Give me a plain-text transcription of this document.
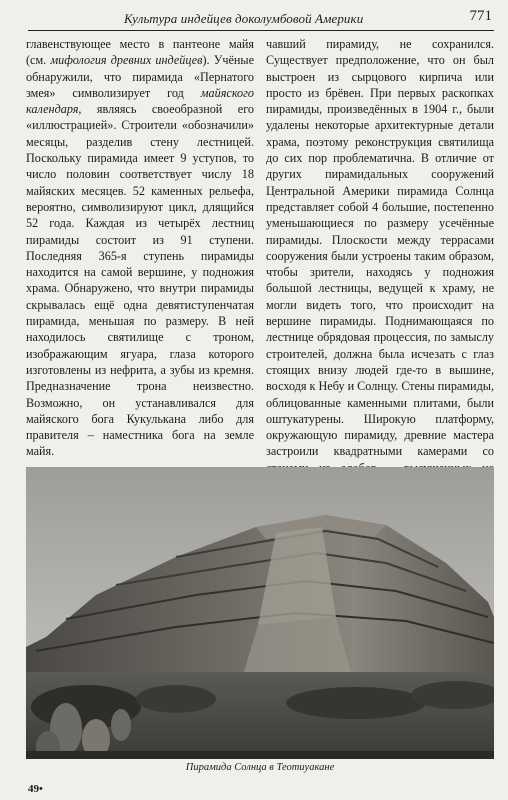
Культура индейцев доколумбовой Америки	771

главенствующее место в пантеоне майя (см. мифология древних индейцев). Учёные обнаружили, что пирамида «Пернатого змея» символизирует год майяского календаря, являясь своеобразной его «иллюстрацией». Строители «обозначили» месяцы, разделив стену лестницей. Поскольку пирамида имеет 9 уступов, то число половин соответствует числу 18 майяских месяцев. 52 каменных рельефа, вероятно, символизируют цикл, длящийся 52 года. Каждая из четырёх лестниц пирамиды состоит из 91 ступени. Последняя 365-я ступень пирамиды находится на самой вершине, у подножия храма. Обнаружено, что внутри пирамиды скрывалась ещё одна девятиступенчатая пирамида, меньшая по размеру. В ней находилось святилище с троном, изображающим ягуара, глаза которого изготовлены из нефрита, а зубы из кремня. Предназначение трона неизвестно. Возможно, он устанавливался для майяского бога Кукулькана либо для правителя – наместника бога на земле майя.

чавший пирамиду, не сохранился. Существует предположение, что он был выстроен из сырцового кирпича или просто из брёвен. При первых раскопках пирамиды, произведённых в 1904 г., были удалены некоторые архитектурные детали храма, поэтому реконструкция святилища до сих пор проблематична. В отличие от других пирамидальных сооружений Центральной Америки пирамида Солнца представляет собой 4 большие, постепенно уменьшающиеся по размеру усечённые пирамиды. Плоскости между террасами сооружения были устроены таким образом, чтобы зрители, находясь у подножия большой лестницы, ведущей к храму, не могли видеть того, что происходит на вершине пирамиды. Поднимающаяся по лестнице обрядовая процессия, по замыслу строителей, должна была исчезать с глаз стоящих внизу людей где-то в вышине, восходя к Небу и Солнцу. Стены пирамиды, облицованные каменными плитами, были оштукатурены. Широкую платформу, окружающую пирамиду, древние мастера застроили квадратными камерами со

Пирамида Солнца в Теотиуакане
49•
